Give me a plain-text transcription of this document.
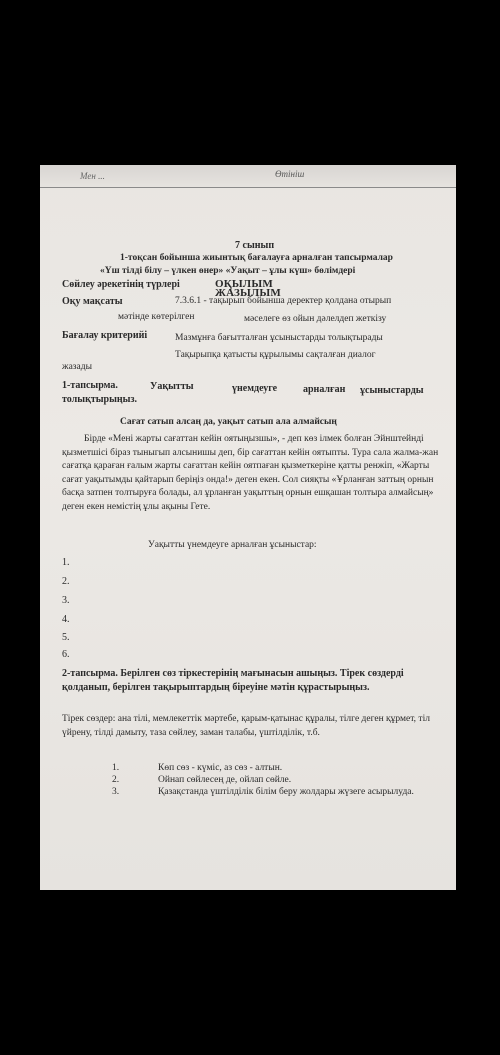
Мен ...	Өтініш
7 сынып
1-тоқсан бойынша жиынтық бағалауға арналған тапсырмалар
«Үш тілді білу – үлкен өнер» «Уақыт – ұлы күш» бөлімдері
Сөйлеу әрекетінің түрлері	ОҚЫЛЫМ
ЖАЗЫЛЫМ
Оқу мақсаты	7.3.6.1 - тақырып бойынша деректер қолдана отырып
мәтінде көтерілген	мәселеге өз ойын дәлелдеп жеткізу
Бағалау критерийі	Мазмұнға бағытталған ұсыныстарды толықтырады
Тақырыпқа қатысты құрылымы сақталған диалог
жазады
1-тапсырма.	Уақытты	үнемдеуге	арналған ұсыныстарды
толықтырыңыз.
Сағат сатып алсаң да, уақыт сатып ала алмайсың
Бірде «Мені жарты сағаттан кейін оятыңызшы», - деп көз ілмек болған Эйнштейнді қызметшісі біраз тыныгып алсынишы деп, бір сағаттан кейін оятыпты. Тура сала жалма-жан сағатқа қараған ғалым жарты сағаттан кейін оятпаған қызметкеріне қатты ренжіп, «Жарты сағат уақытымды қайтарып беріңіз онда!» деген екен. Сол сияқты «Ұрланған заттың орнын басқа затпен толтыруға болады, ал ұрланған уақыттың орнын ешқашан толтыра алмайсың» деген екен немістің ұлы ақыны Гете.
Уақытты үнемдеуге арналған ұсыныстар:
1.
2.
3.
4.
5.
6.
2-тапсырма. Берілген сөз тіркестерінің мағынасын ашыңыз. Тірек сөздерді қолданып, берілген тақырыптардың біреуіне мәтін құрастырыңыз.
Тірек сөздер: ана тілі, мемлекеттік мәртебе, қарым-қатынас құралы, тілге деген құрмет, тіл үйрену, тілді дамыту, таза сөйлеу, заман талабы, үштілділік, т.б.
1.	Көп сөз - күміс, аз сөз - алтын.
2.	Ойнап сөйлесең де, ойлап сөйле.
3.	Қазақстанда үштілділік білім беру жолдары жүзеге асырылуда.
